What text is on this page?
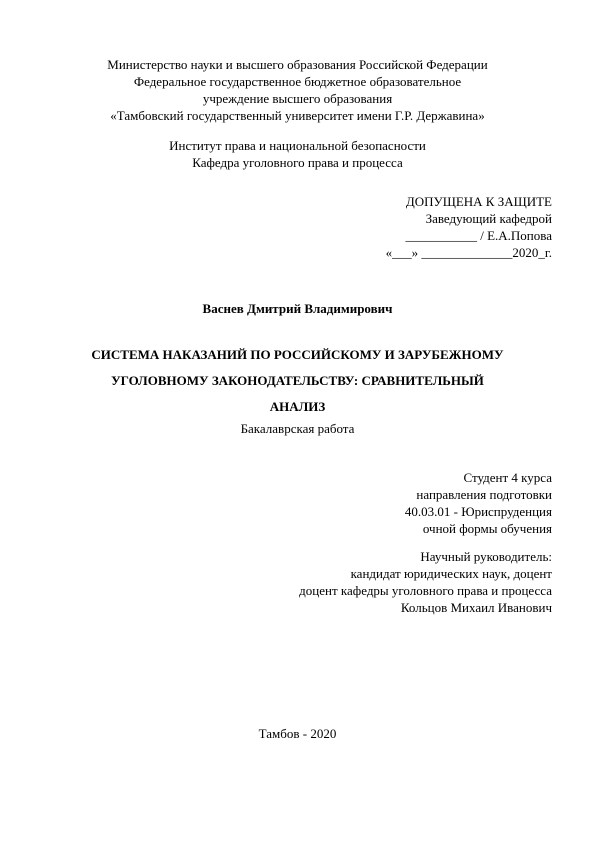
Министерство науки и высшего образования Российской Федерации
Федеральное государственное бюджетное образовательное
учреждение высшего образования
«Тамбовский государственный университет имени Г.Р. Державина»
Институт права и национальной безопасности
Кафедра уголовного права и процесса
ДОПУЩЕНА К ЗАЩИТЕ
Заведующий кафедрой
___________ / Е.А.Попова
«___» ______________2020_г.
Васнев Дмитрий Владимирович
СИСТЕМА НАКАЗАНИЙ ПО РОССИЙСКОМУ И ЗАРУБЕЖНОМУ
УГОЛОВНОМУ ЗАКОНОДАТЕЛЬСТВУ: СРАВНИТЕЛЬНЫЙ
АНАЛИЗ
Бакалаврская работа
Студент 4 курса
направления подготовки
40.03.01 - Юриспруденция
очной формы обучения
Научный руководитель:
кандидат юридических наук, доцент
доцент кафедры уголовного права и процесса
Кольцов Михаил Иванович
Тамбов - 2020
